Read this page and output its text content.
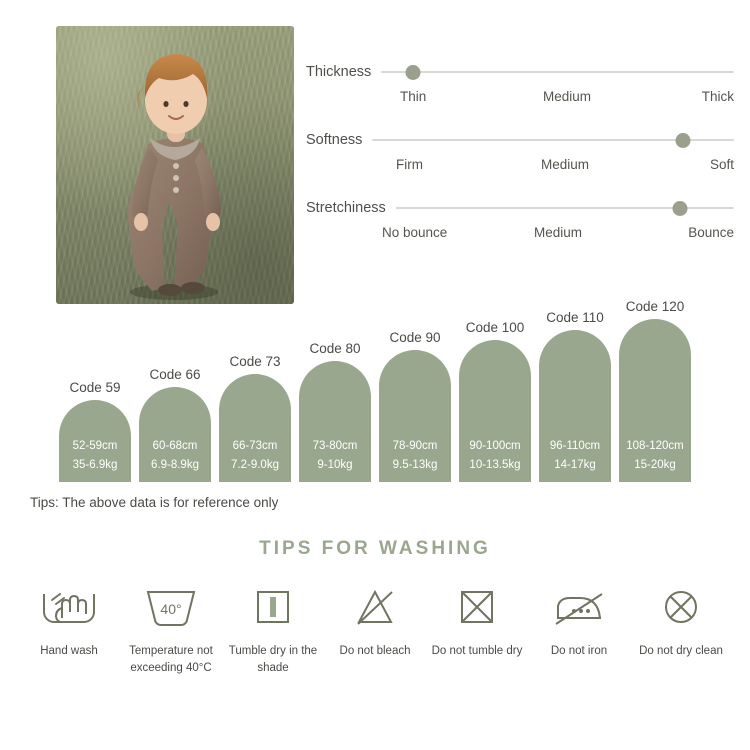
Thickness
Thin	Medium	Thick
Softness
Firm	Medium	Soft
Stretchiness
No bounce	Medium	Bounce
Code 59
52-59cm
35-6.9kg
Code 66
60-68cm
6.9-8.9kg
Code 73
66-73cm
7.2-9.0kg
Code 80
73-80cm
9-10kg
Code 90
78-90cm
9.5-13kg
Code 100
90-100cm
10-13.5kg
Code 110
96-110cm
14-17kg
Code 120
108-120cm
15-20kg
Tips: The above data is for reference only
TIPS FOR WASHING
Hand wash
40°
Temperature not exceeding 40°C
Tumble dry in the shade
Do not bleach Do not tumble dry Do not iron	Do not dry clean
